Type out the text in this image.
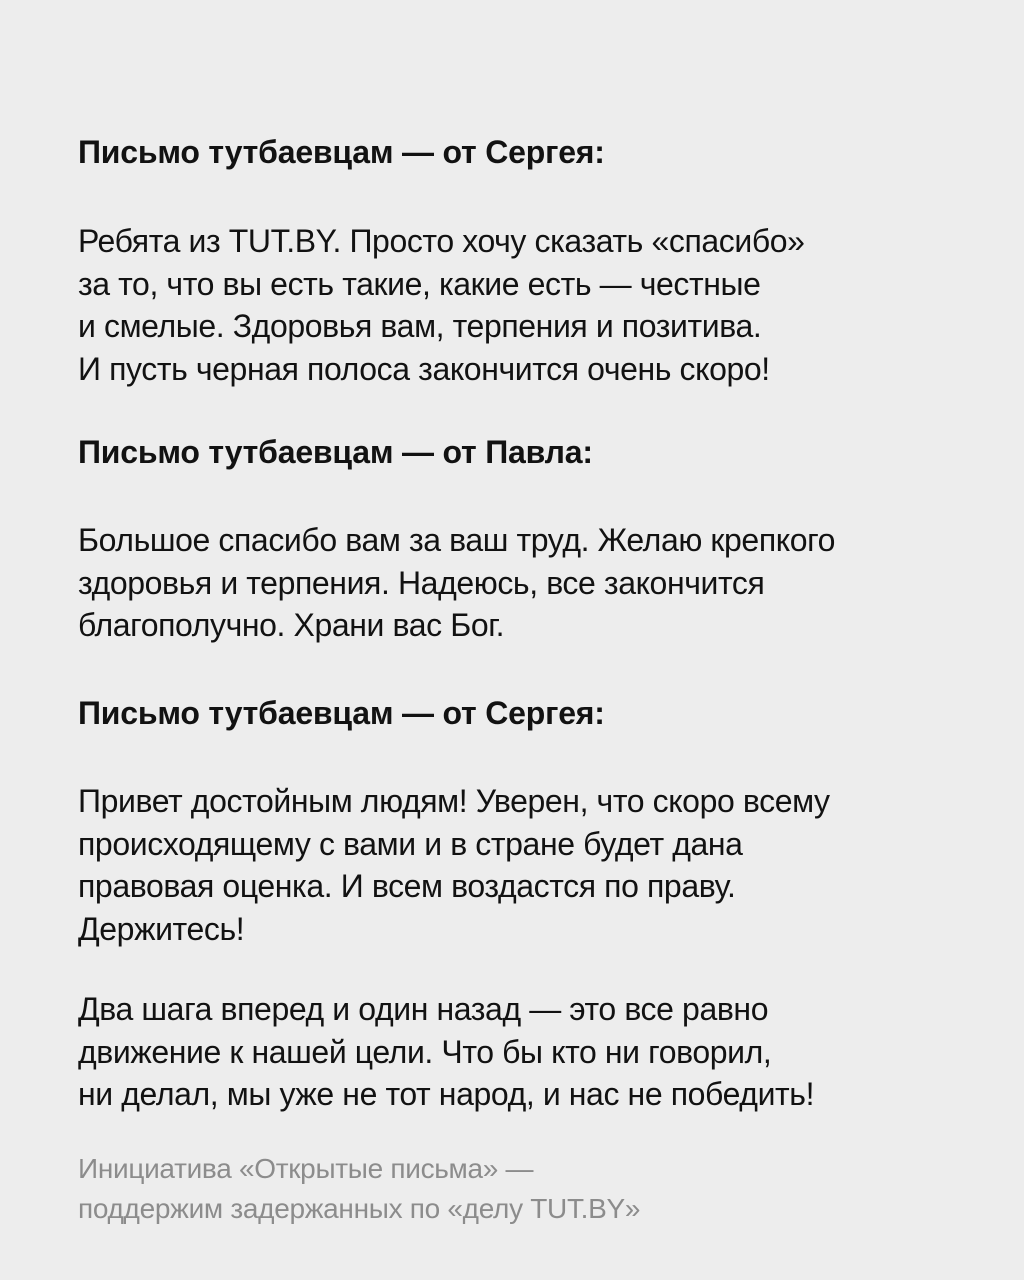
Письмо тутбаевцам — от Сергея:

Ребята из TUT.BY. Просто хочу сказать «спасибо»
за то, что вы есть такие, какие есть — честные
и смелые. Здоровья вам, терпения и позитива.
И пусть черная полоса закончится очень скоро!

Письмо тутбаевцам — от Павла:

Большое спасибо вам за ваш труд. Желаю крепкого
здоровья и терпения. Надеюсь, все закончится
благополучно. Храни вас Бог.

Письмо тутбаевцам — от Сергея:

Привет достойным людям! Уверен, что скоро всему
происходящему с вами и в стране будет дана
правовая оценка. И всем воздастся по праву.
Держитесь!

Два шага вперед и один назад — это все равно
движение к нашей цели. Что бы кто ни говорил,
ни делал, мы уже не тот народ, и нас не победить!

Инициатива «Открытые письма» —
поддержим задержанных по «делу TUT.BY»
